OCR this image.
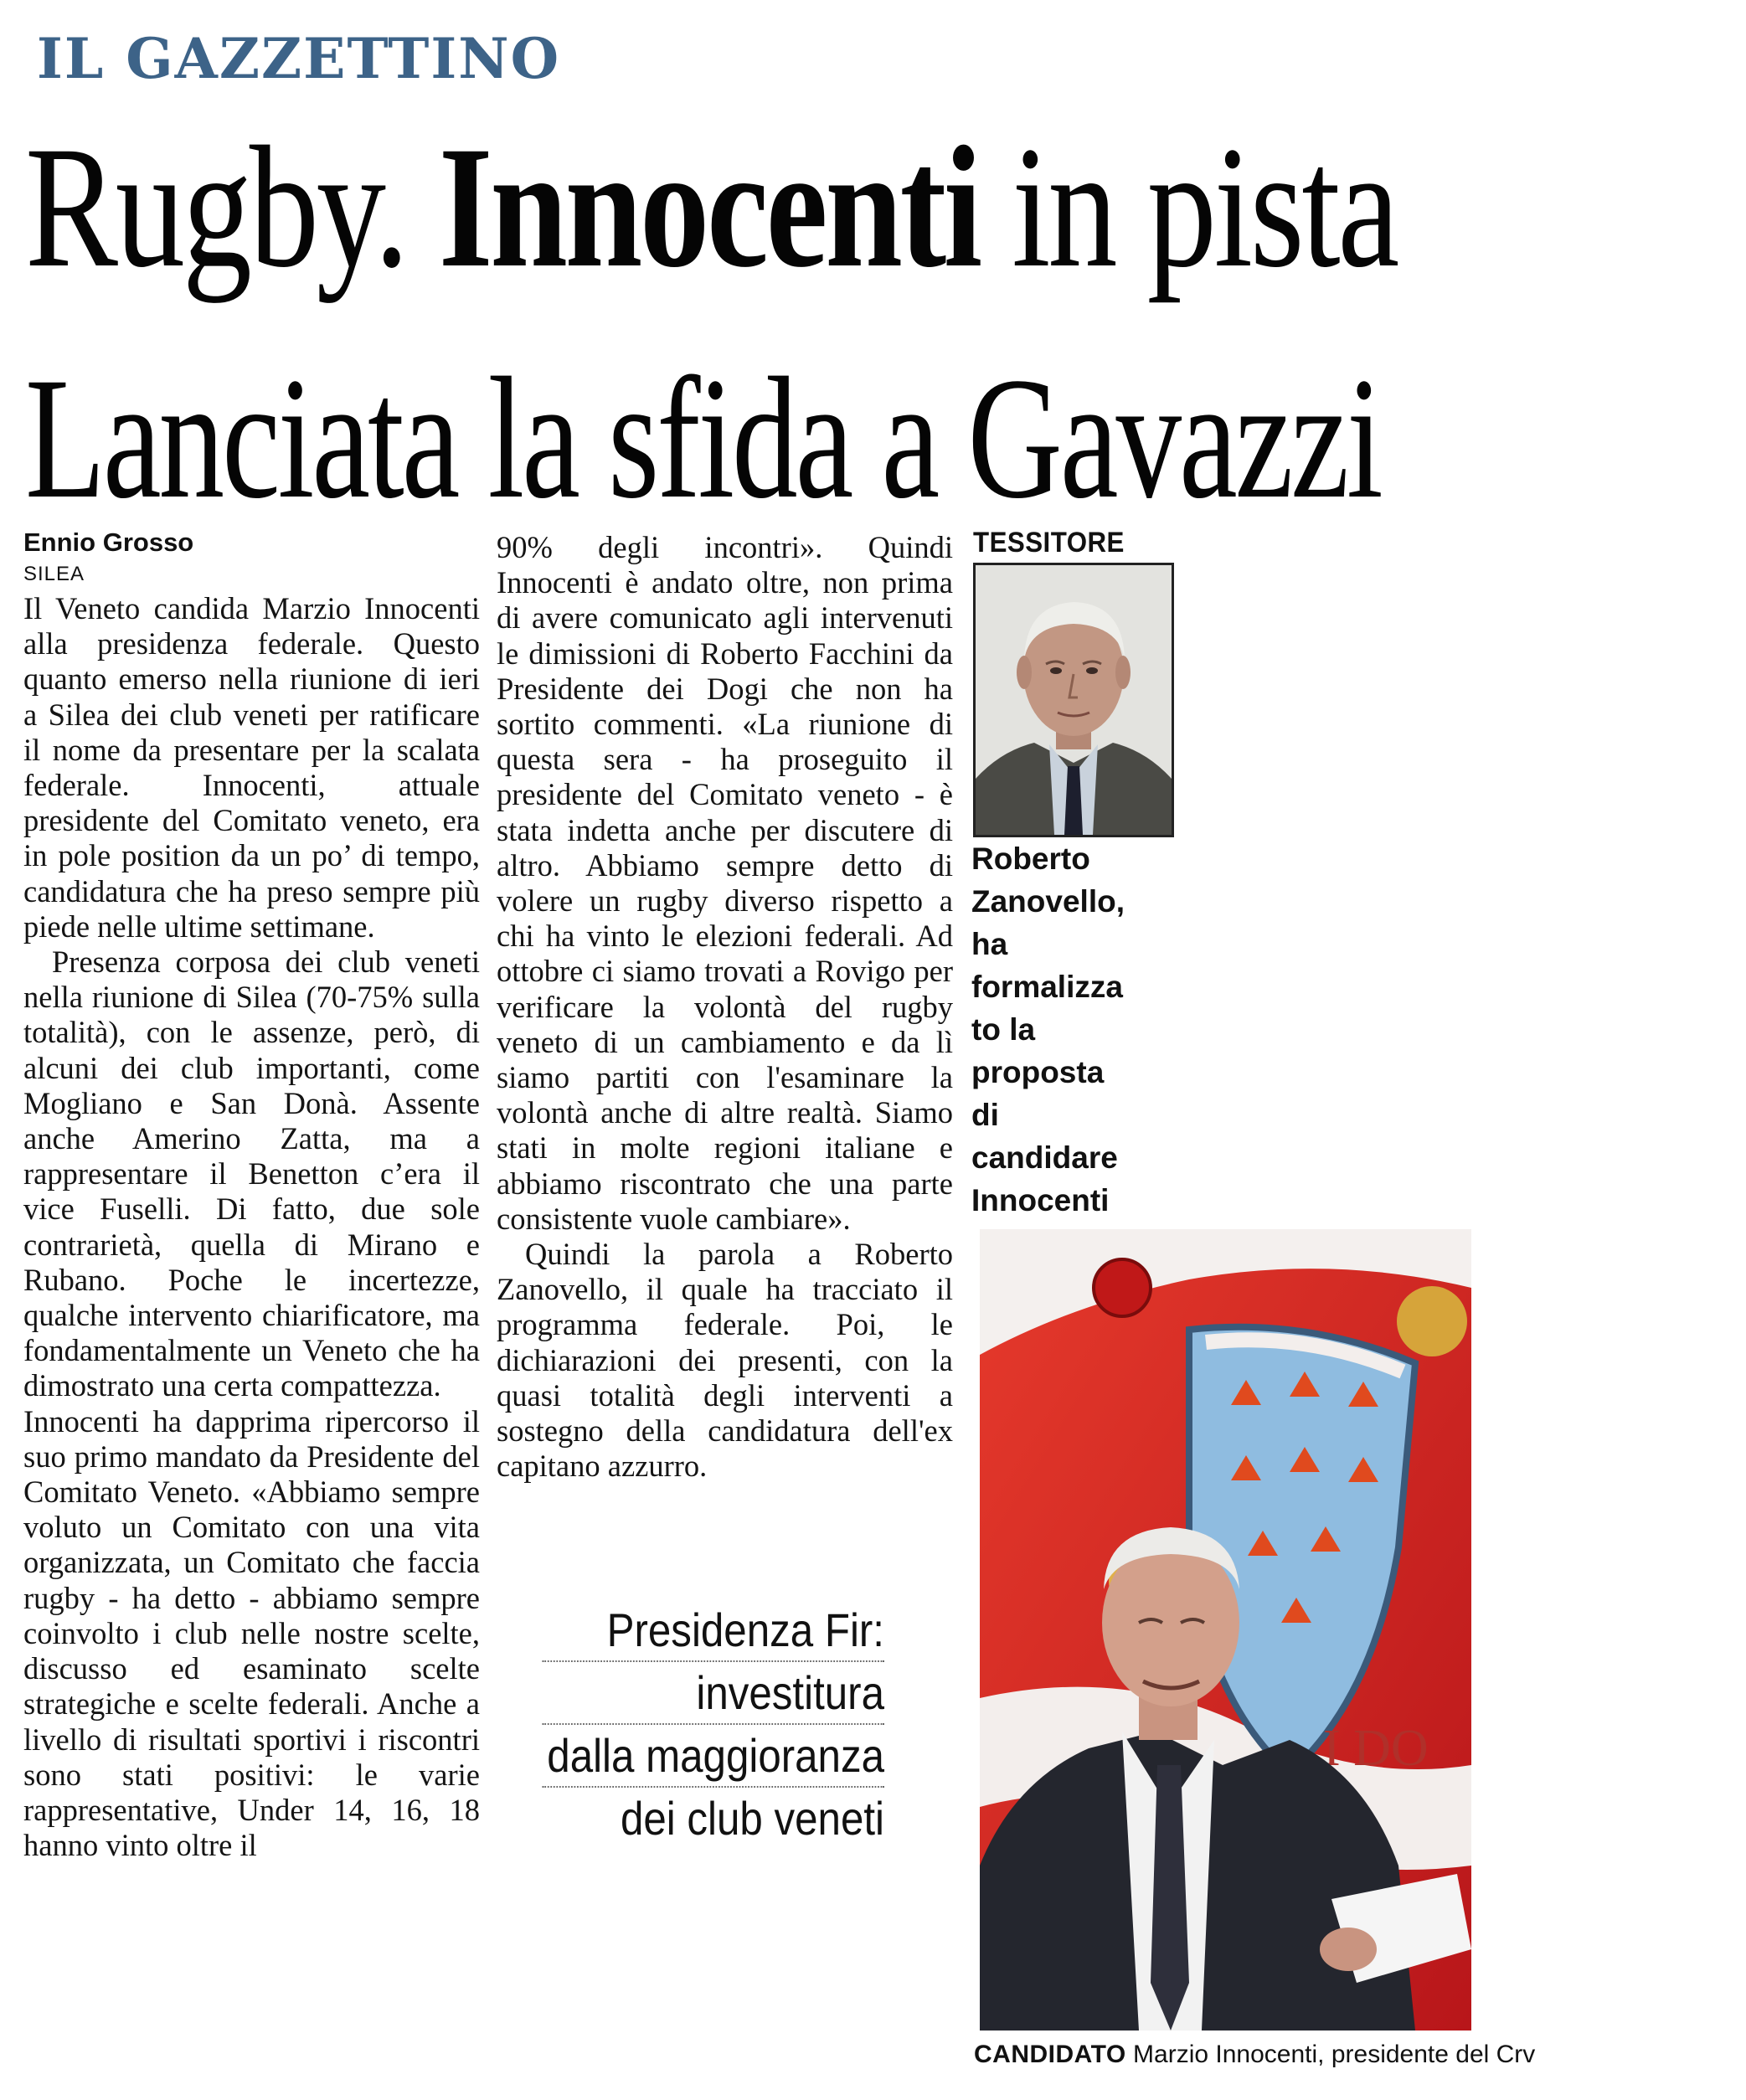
IL GAZZETTINO
Rugby. Innocenti in pista
Lanciata la sfida a Gavazzi
Ennio Grosso
SILEA

Il Veneto candida Marzio Innocenti alla presidenza federale. Questo quanto emerso nella riunione di ieri a Silea dei club veneti per ratificare il nome da presentare per la scalata federale. Innocenti, attuale presidente del Comitato veneto, era in pole position da un po’ di tempo, candidatura che ha preso sempre più piede nelle ultime settimane.

Presenza corposa dei club veneti nella riunione di Silea (70-75% sulla totalità), con le assenze, però, di alcuni dei club importanti, come Mogliano e San Donà. Assente anche Amerino Zatta, ma a rappresentare il Benetton c’era il vice Fuselli. Di fatto, due sole contrarietà, quella di Mirano e Rubano. Poche le incertezze, qualche intervento chiarificatore, ma fondamentalmente un Veneto che ha dimostrato una certa compattezza.

Innocenti ha dapprima ripercorso il suo primo mandato da Presidente del Comitato Veneto. «Abbiamo sempre voluto un Comitato con una vita organizzata, un Comitato che faccia rugby - ha detto - abbiamo sempre coinvolto i club nelle nostre scelte, discusso ed esaminato scelte strategiche e scelte federali. Anche a livello di risultati sportivi i riscontri sono stati positivi: le varie rappresentative, Under 14, 16, 18 hanno vinto oltre il

90% degli incontri». Quindi Innocenti è andato oltre, non prima di avere comunicato agli intervenuti le dimissioni di Roberto Facchini da Presidente dei Dogi che non ha sortito commenti. «La riunione di questa sera - ha proseguito il presidente del Comitato veneto - è stata indetta anche per discutere di altro. Abbiamo sempre detto di volere un rugby diverso rispetto a chi ha vinto le elezioni federali. Ad ottobre ci siamo trovati a Rovigo per verificare la volontà del rugby veneto di un cambiamento e da lì siamo partiti con l'esaminare la volontà anche di altre realtà. Siamo stati in molte regioni italiane e abbiamo riscontrato che una parte consistente vuole cambiare».

Quindi la parola a Roberto Zanovello, il quale ha tracciato il programma federale. Poi, le dichiarazioni dei presenti, con la quasi totalità degli interventi a sostegno della candidatura dell'ex capitano azzurro.

TESSITORE
Roberto
Zanovello,
ha
formalizza
to la
proposta
di
candidare
Innocenti
Presidenza Fir:
investitura
dalla maggioranza
dei club veneti
I DO
CANDIDATO Marzio Innocenti, presidente del Crv
